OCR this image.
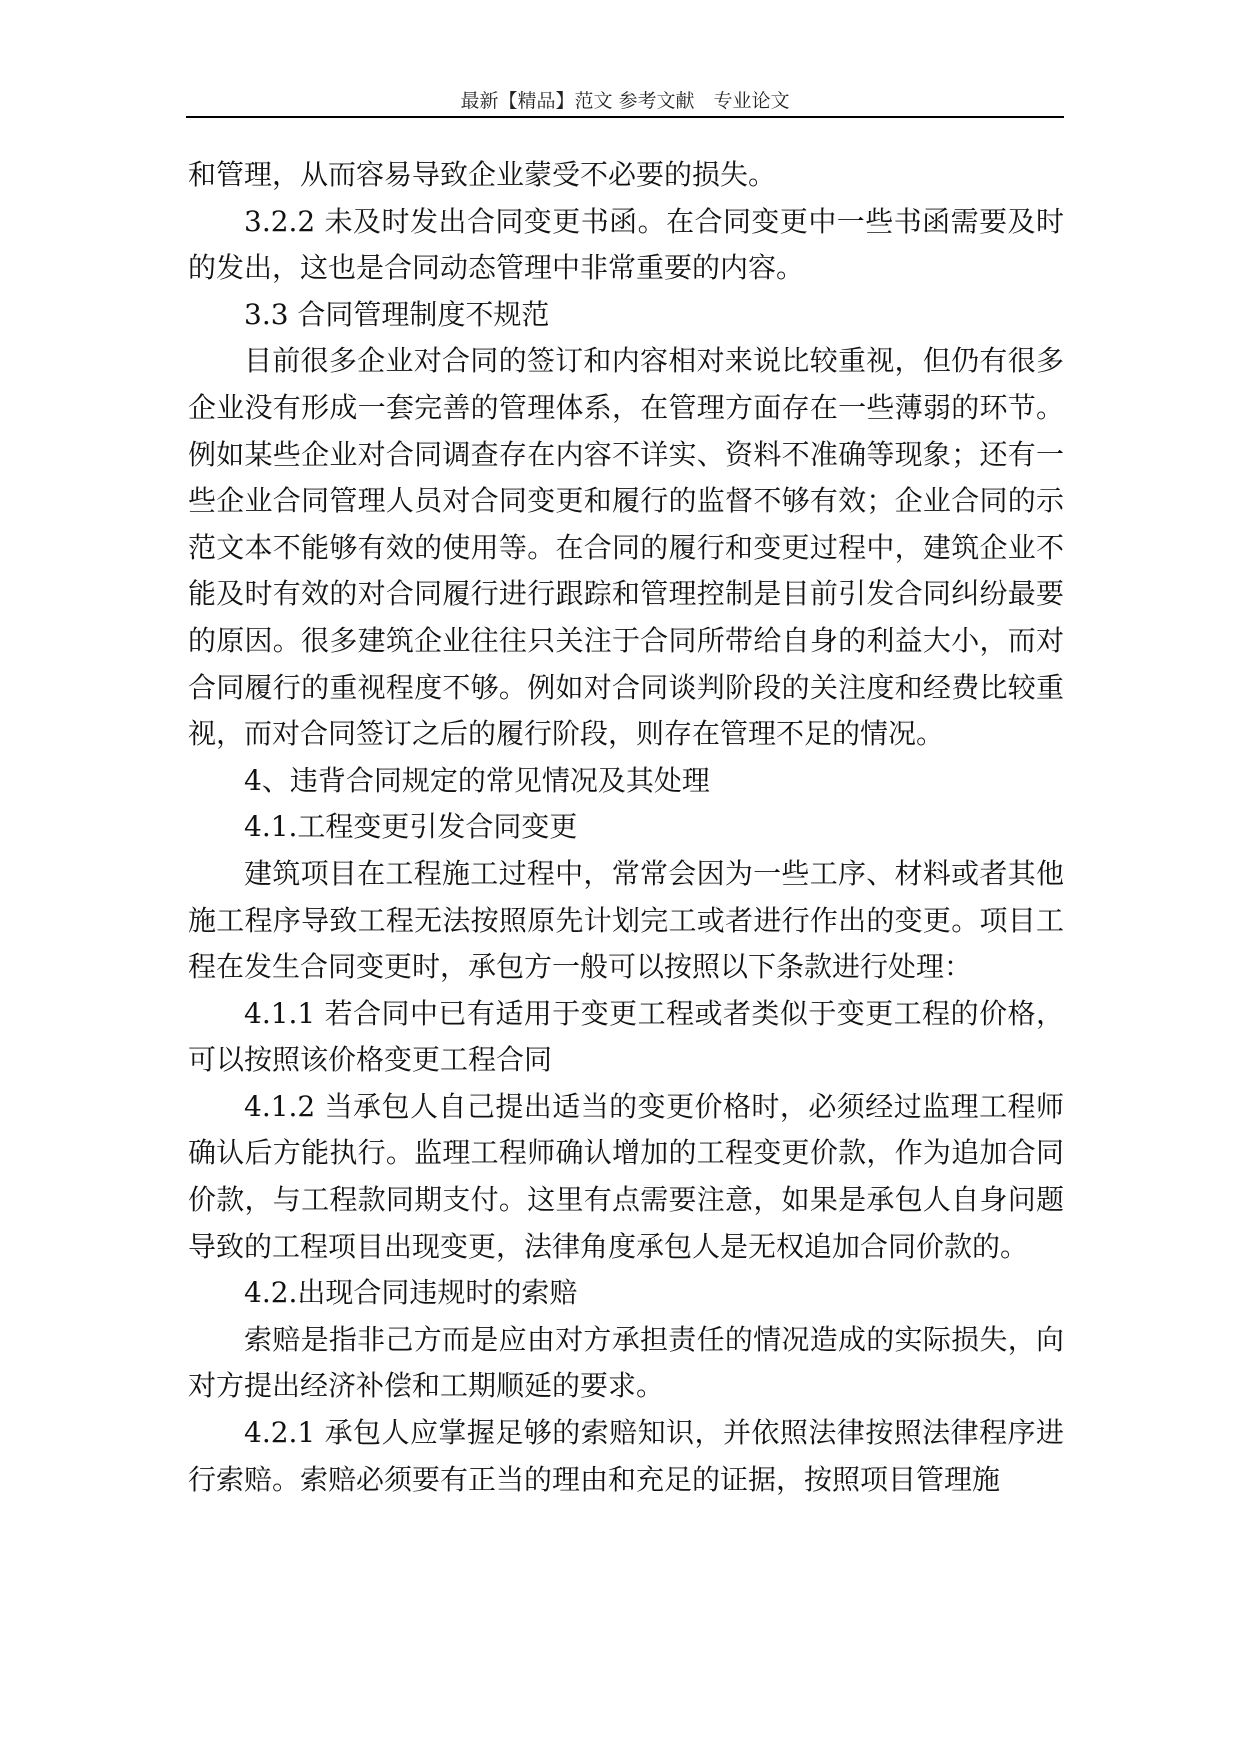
最新【精品】范文 参考文献　专业论文

和管理，从而容易导致企业蒙受不必要的损失。

3.2.2 未及时发出合同变更书函。在合同变更中一些书函需要及时的发出，这也是合同动态管理中非常重要的内容。

3.3 合同管理制度不规范

目前很多企业对合同的签订和内容相对来说比较重视，但仍有很多企业没有形成一套完善的管理体系，在管理方面存在一些薄弱的环节。例如某些企业对合同调查存在内容不详实、资料不准确等现象；还有一些企业合同管理人员对合同变更和履行的监督不够有效；企业合同的示范文本不能够有效的使用等。在合同的履行和变更过程中，建筑企业不能及时有效的对合同履行进行跟踪和管理控制是目前引发合同纠纷最要的原因。很多建筑企业往往只关注于合同所带给自身的利益大小，而对合同履行的重视程度不够。例如对合同谈判阶段的关注度和经费比较重视，而对合同签订之后的履行阶段，则存在管理不足的情况。

4、违背合同规定的常见情况及其处理

4.1.工程变更引发合同变更

建筑项目在工程施工过程中，常常会因为一些工序、材料或者其他施工程序导致工程无法按照原先计划完工或者进行作出的变更。项目工程在发生合同变更时，承包方一般可以按照以下条款进行处理：

4.1.1 若合同中已有适用于变更工程或者类似于变更工程的价格，可以按照该价格变更工程合同

4.1.2 当承包人自己提出适当的变更价格时，必须经过监理工程师确认后方能执行。监理工程师确认增加的工程变更价款，作为追加合同价款，与工程款同期支付。这里有点需要注意，如果是承包人自身问题导致的工程项目出现变更，法律角度承包人是无权追加合同价款的。

4.2.出现合同违规时的索赔

索赔是指非己方而是应由对方承担责任的情况造成的实际损失，向对方提出经济补偿和工期顺延的要求。

4.2.1 承包人应掌握足够的索赔知识，并依照法律按照法律程序进行索赔。索赔必须要有正当的理由和充足的证据，按照项目管理施
